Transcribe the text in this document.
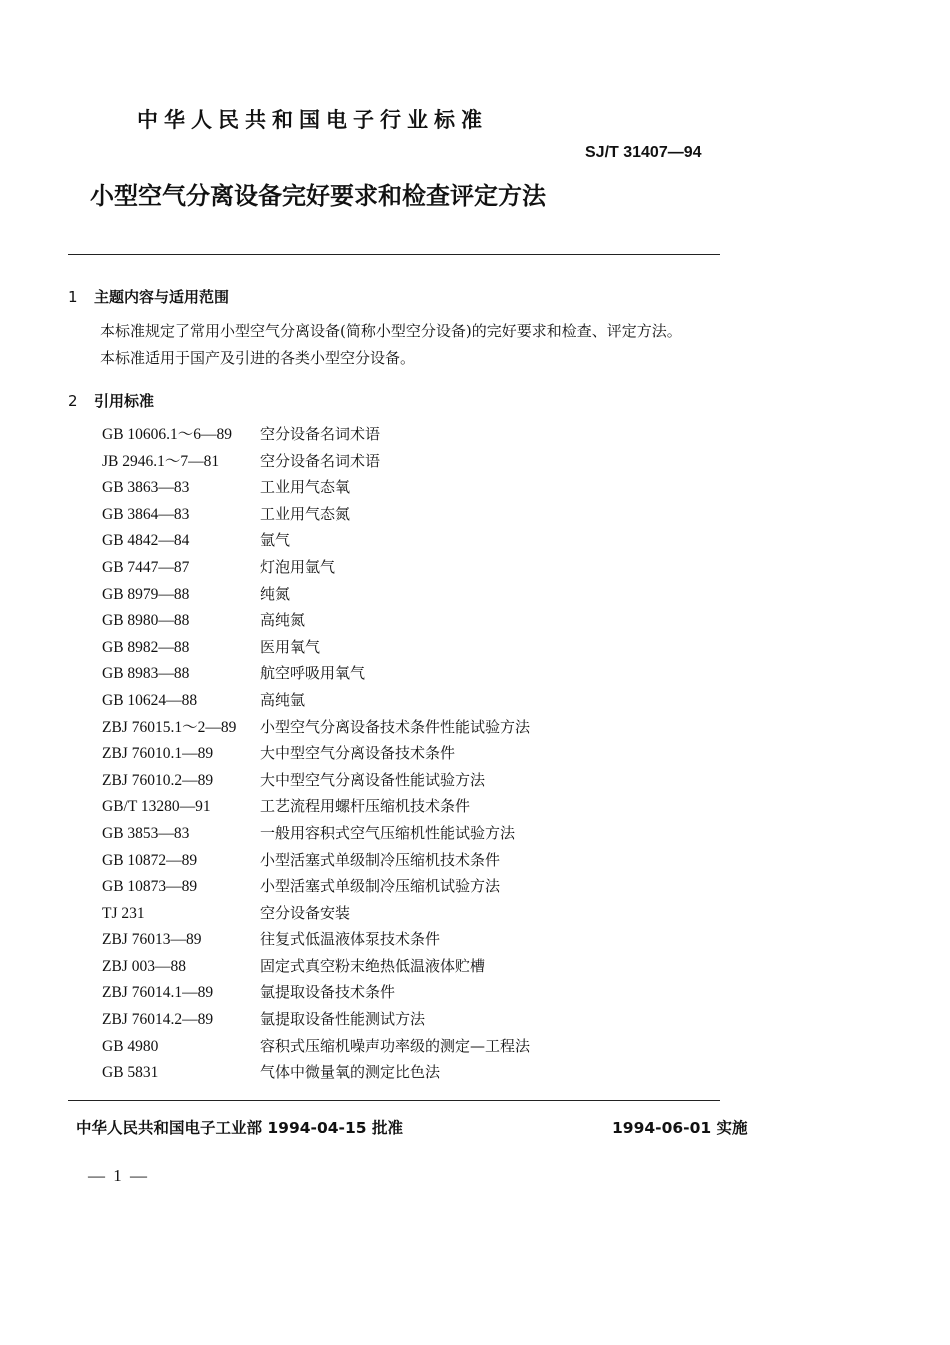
中华人民共和国电子行业标准
SJ/T 31407—94
小型空气分离设备完好要求和检查评定方法
1 主题内容与适用范围
本标准规定了常用小型空气分离设备(简称小型空分设备)的完好要求和检查、评定方法。
本标准适用于国产及引进的各类小型空分设备。
2 引用标准
GB 10606.1～6—89	空分设备名词术语
JB 2946.1～7—81	空分设备名词术语
GB 3863—83	工业用气态氧
GB 3864—83	工业用气态氮
GB 4842—84	氩气
GB 7447—87	灯泡用氩气
GB 8979—88	纯氮
GB 8980—88	高纯氮
GB 8982—88	医用氧气
GB 8983—88	航空呼吸用氧气
GB 10624—88	高纯氩
ZBJ 76015.1～2—89	小型空气分离设备技术条件性能试验方法
ZBJ 76010.1—89	大中型空气分离设备技术条件
ZBJ 76010.2—89	大中型空气分离设备性能试验方法
GB/T 13280—91	工艺流程用螺杆压缩机技术条件
GB 3853—83	一般用容积式空气压缩机性能试验方法
GB 10872—89	小型活塞式单级制冷压缩机技术条件
GB 10873—89	小型活塞式单级制冷压缩机试验方法
TJ 231	空分设备安装
ZBJ 76013—89	往复式低温液体泵技术条件
ZBJ 003—88	固定式真空粉末绝热低温液体贮槽
ZBJ 76014.1—89	氩提取设备技术条件
ZBJ 76014.2—89	氩提取设备性能测试方法
GB 4980	容积式压缩机噪声功率级的测定—工程法
GB 5831	气体中微量氧的测定比色法
中华人民共和国电子工业部 1994-04-15 批准	1994-06-01 实施
— 1 —
